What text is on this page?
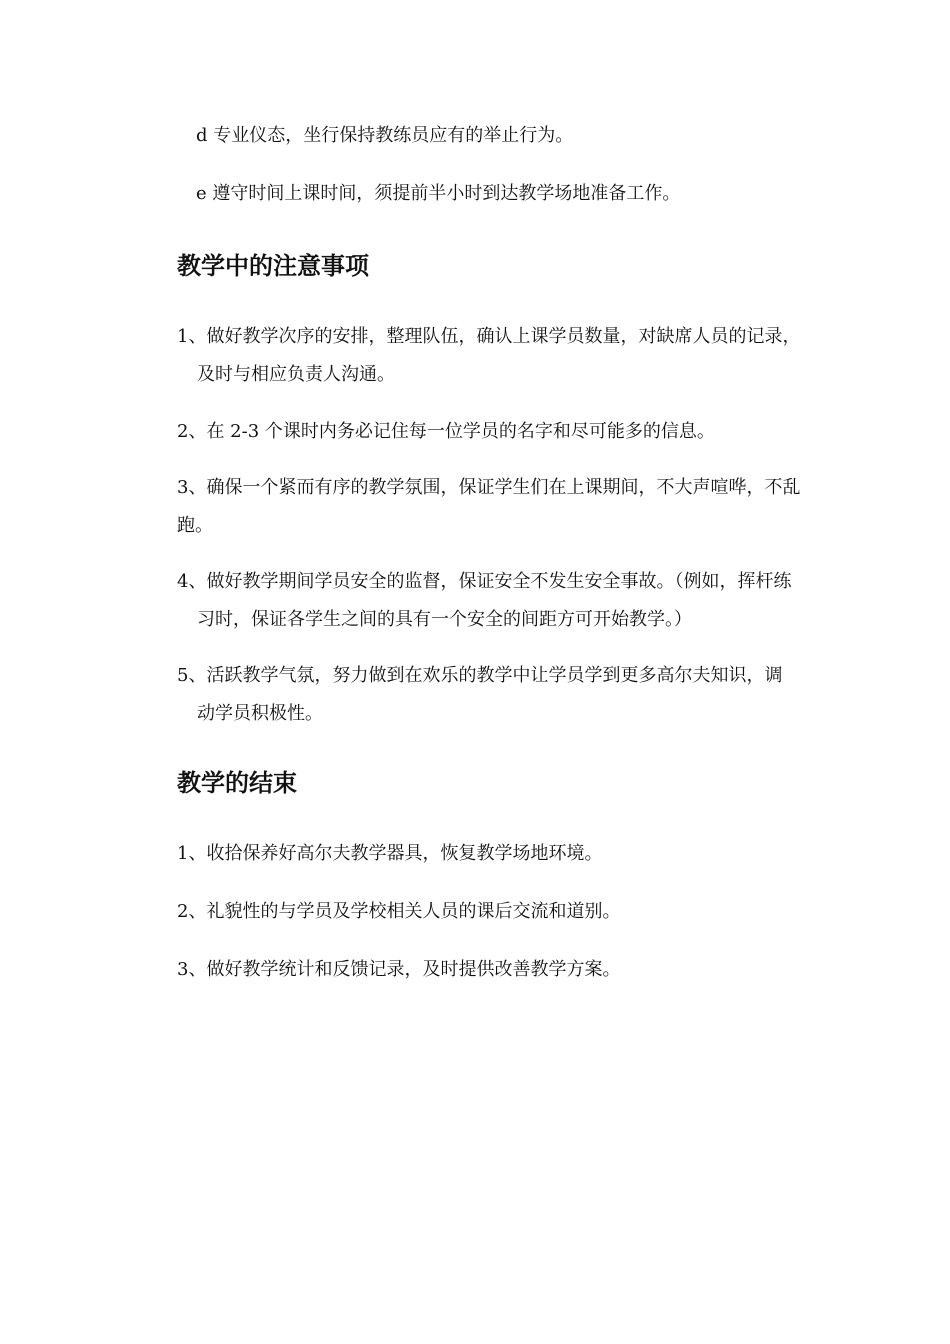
d 专业仪态，坐行保持教练员应有的举止行为。
e 遵守时间上课时间，须提前半小时到达教学场地准备工作。
教学中的注意事项
1、做好教学次序的安排，整理队伍，确认上课学员数量，对缺席人员的记录，
及时与相应负责人沟通。
2、在 2-3 个课时内务必记住每一位学员的名字和尽可能多的信息。
3、确保一个紧而有序的教学氛围，保证学生们在上课期间，不大声喧哗，不乱
跑。
4、做好教学期间学员安全的监督，保证安全不发生安全事故。（例如，挥杆练
习时，保证各学生之间的具有一个安全的间距方可开始教学。）
5、活跃教学气氛，努力做到在欢乐的教学中让学员学到更多高尔夫知识，调
动学员积极性。
教学的结束
1、收拾保养好高尔夫教学器具，恢复教学场地环境。
2、礼貌性的与学员及学校相关人员的课后交流和道别。
3、做好教学统计和反馈记录，及时提供改善教学方案。
